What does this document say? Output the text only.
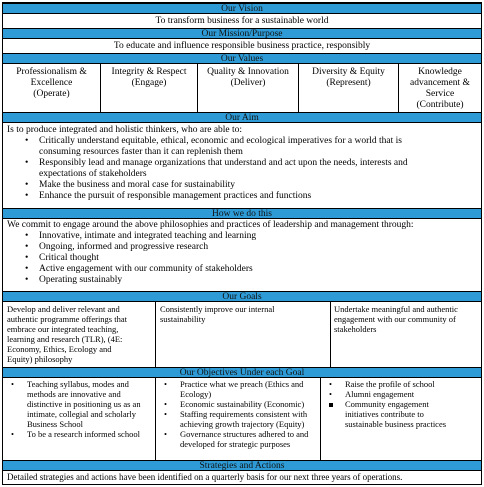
Our Vision
To transform business for a sustainable world
Our Mission/Purpose
To educate and influence responsible business practice, responsibly
Our Values
Professionalism &
Excellence
(Operate)
Integrity & Respect
(Engage)
Quality & Innovation
(Deliver)
Diversity & Equity
(Represent)
Knowledge
advancement &
Service
(Contribute)
Our Aim
Is to produce integrated and holistic thinkers, who are able to:
• Critically understand equitable, ethical, economic and ecological imperatives for a world that is
consuming resources faster than it can replenish them
• Responsibly lead and manage organizations that understand and act upon the needs, interests and
expectations of stakeholders
• Make the business and moral case for sustainability
• Enhance the pursuit of responsible management practices and functions
How we do this
We commit to engage around the above philosophies and practices of leadership and management through:
• Innovative, intimate and integrated teaching and learning
• Ongoing, informed and progressive research
• Critical thought
• Active engagement with our community of stakeholders
• Operating sustainably
Our Goals
Develop and deliver relevant and
authentic programme offerings that
embrace our integrated teaching,
learning and research (TLR), (4E:
Economy, Ethics, Ecology and
Equity) philosophy
Consistently improve our internal
sustainability
Undertake meaningful and authentic
engagement with our community of
stakeholders
Our Objectives Under each Goal
• Teaching syllabus, modes and
methods are innovative and
distinctive in positioning us as an
intimate, collegial and scholarly
Business School
• To be a research informed school
• Practice what we preach (Ethics and
Ecology)
• Economic sustainability (Economic)
• Staffing requirements consistent with
achieving growth trajectory (Equity)
• Governance structures adhered to and
developed for strategic purposes
• Raise the profile of school
• Alumni engagement
Community engagement
initiatives contribute to
sustainable business practices
Strategies and Actions
Detailed strategies and actions have been identified on a quarterly basis for our next three years of operations.
